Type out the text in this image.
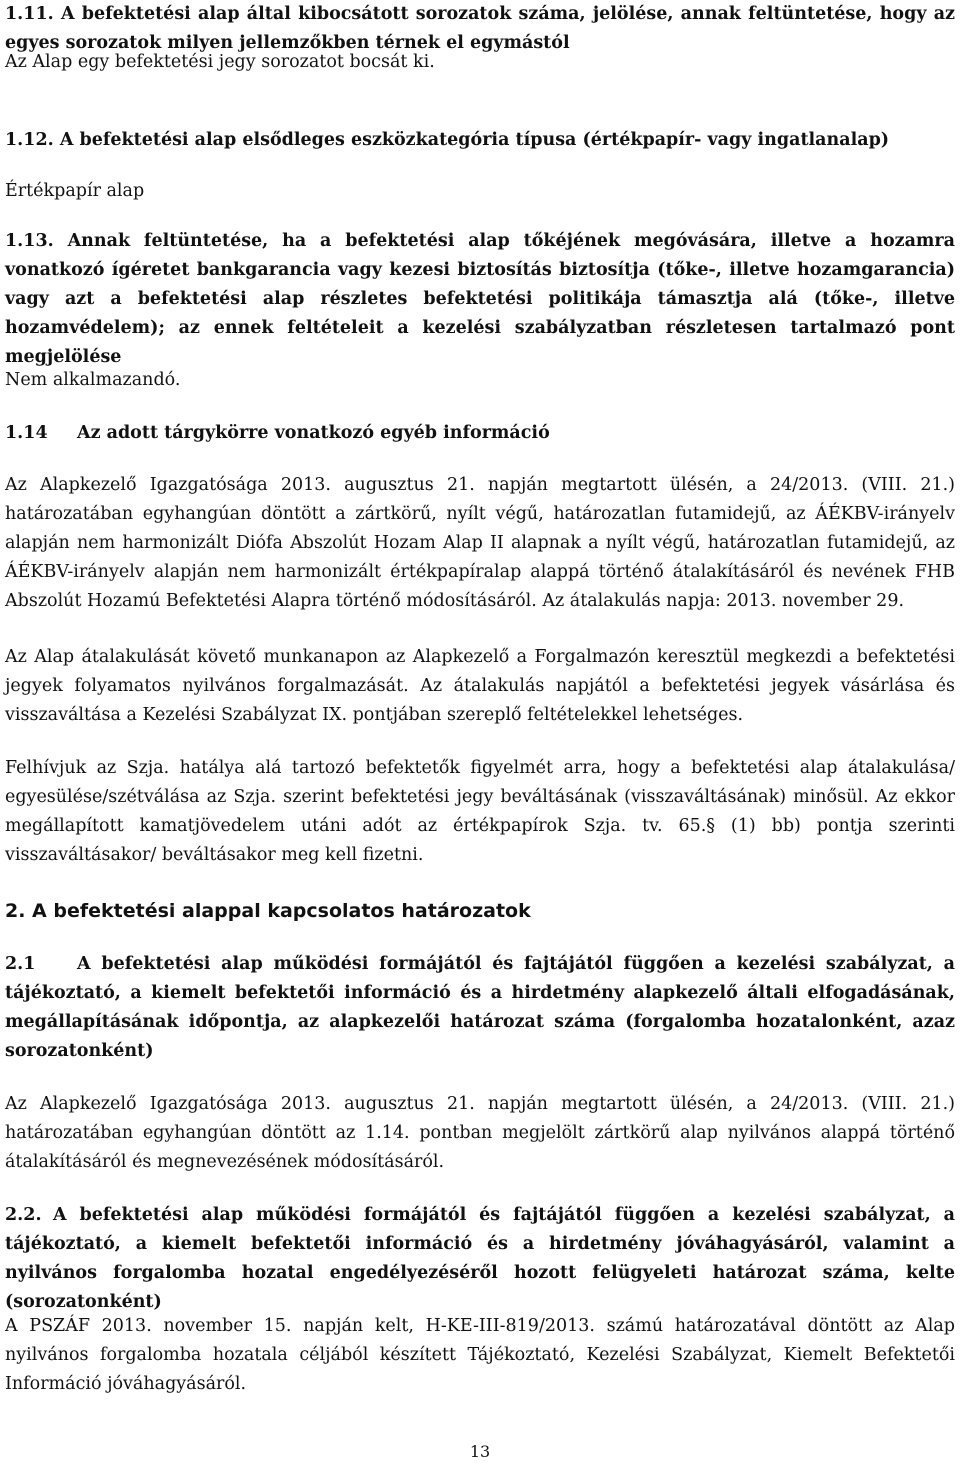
1.11. A befektetési alap által kibocsátott sorozatok száma, jelölése, annak feltüntetése, hogy az egyes sorozatok milyen jellemzőkben térnek el egymástól

Az Alap egy befektetési jegy sorozatot bocsát ki.

1.12. A befektetési alap elsődleges eszközkategória típusa (értékpapír- vagy ingatlanalap)

Értékpapír alap

1.13. Annak feltüntetése, ha a befektetési alap tőkéjének megóvására, illetve a hozamra vonatkozó ígéretet bankgarancia vagy kezesi biztosítás biztosítja (tőke-, illetve hozamgarancia) vagy azt a befektetési alap részletes befektetési politikája támasztja alá (tőke-, illetve hozamvédelem); az ennek feltételeit a kezelési szabályzatban részletesen tartalmazó pont megjelölése

Nem alkalmazandó.

1.14 Az adott tárgykörre vonatkozó egyéb információ

Az Alapkezelő Igazgatósága 2013. augusztus 21. napján megtartott ülésén, a 24/2013. (VIII. 21.) határozatában egyhangúan döntött a zártkörű, nyílt végű, határozatlan futamidejű, az ÁÉKBV-irányelv alapján nem harmonizált Diófa Abszolút Hozam Alap II alapnak a nyílt végű, határozatlan futamidejű, az ÁÉKBV-irányelv alapján nem harmonizált értékpapíralap alappá történő átalakításáról és nevének FHB Abszolút Hozamú Befektetési Alapra történő módosításáról. Az átalakulás napja: 2013. november 29.

Az Alap átalakulását követő munkanapon az Alapkezelő a Forgalmazón keresztül megkezdi a befektetési jegyek folyamatos nyilvános forgalmazását. Az átalakulás napjától a befektetési jegyek vásárlása és visszaváltása a Kezelési Szabályzat IX. pontjában szereplő feltételekkel lehetséges.

Felhívjuk az Szja. hatálya alá tartozó befektetők figyelmét arra, hogy a befektetési alap átalakulása/ egyesülése/szétválása az Szja. szerint befektetési jegy beváltásának (visszaváltásának) minősül. Az ekkor megállapított kamatjövedelem utáni adót az értékpapírok Szja. tv. 65.§ (1) bb) pontja szerinti visszaváltásakor/ beváltásakor meg kell fizetni.

2. A befektetési alappal kapcsolatos határozatok

2.1 A befektetési alap működési formájától és fajtájától függően a kezelési szabályzat, a tájékoztató, a kiemelt befektetői információ és a hirdetmény alapkezelő általi elfogadásának, megállapításának időpontja, az alapkezelői határozat száma (forgalomba hozatalonként, azaz sorozatonként)

Az Alapkezelő Igazgatósága 2013. augusztus 21. napján megtartott ülésén, a 24/2013. (VIII. 21.) határozatában egyhangúan döntött az 1.14. pontban megjelölt zártkörű alap nyilvános alappá történő átalakításáról és megnevezésének módosításáról.

2.2. A befektetési alap működési formájától és fajtájától függően a kezelési szabályzat, a tájékoztató, a kiemelt befektetői információ és a hirdetmény jóváhagyásáról, valamint a nyilvános forgalomba hozatal engedélyezéséről hozott felügyeleti határozat száma, kelte (sorozatonként)

A PSZÁF 2013. november 15. napján kelt, H-KE-III-819/2013. számú határozatával döntött az Alap nyilvános forgalomba hozatala céljából készített Tájékoztató, Kezelési Szabályzat, Kiemelt Befektetői Információ jóváhagyásáról.

13
